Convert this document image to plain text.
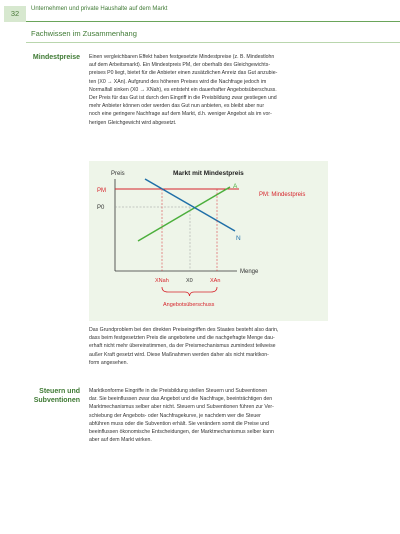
32	Unternehmen und private Haushalte auf dem Markt
Fachwissen im Zusammenhang
Mindestpreise Einen vergleichbaren Effekt haben festgesetzte Mindestpreise (z. B. Mindestlohn
auf dem Arbeitsmarkt). Ein Mindestpreis PM, der oberhalb des Gleichgewichts-
preises P0 liegt, bietet für die Anbieter einen zusätzlichen Anreiz das Gut anzubie-
ten (X0 → XAn). Aufgrund des höheren Preises wird die Nachfrage jedoch im
Normalfall sinken (X0 → XNah), es entsteht ein dauerhafter Angebotsüberschuss.
Der Preis für das Gut ist durch den Eingriff in die Preisbildung zwar gestiegen und
mehr Anbieter können oder werden das Gut nun anbieten, es bleibt aber nur
noch eine geringere Nachfrage auf dem Markt, d.h. weniger Angebot als im vor-
herigen Gleichgewicht wird abgesetzt.
Preis	Markt mit Mindestpreis
Menge
PM
P0
A
N
PM: Mindestpreis
XNah	X0	XAn
Angebotsüberschuss
Das Grundproblem bei den direkten Preiseingriffen des Staates besteht also darin,
dass beim festgesetzten Preis die angebotene und die nachgefragte Menge dau-
erhaft nicht mehr übereinstimmen, da der Preismechanismus zumindest teilweise
außer Kraft gesetzt wird. Diese Maßnahmen werden daher als nicht marktkon-
form angesehen.
Steuern und
Subventionen
Marktkonforme Eingriffe in die Preisbildung stellen Steuern und Subventionen
dar. Sie beeinflussen zwar das Angebot und die Nachfrage, beeinträchtigen den
Marktmechanismus selber aber nicht. Steuern und Subventionen führen zur Ver-
schiebung der Angebots- oder Nachfragekurve, je nachdem wer die Steuer
abführen muss oder die Subvention erhält. Sie verändern somit die Preise und
beeinflussen ökonomische Entscheidungen, der Marktmechanismus selber kann
aber auf dem Markt wirken.
